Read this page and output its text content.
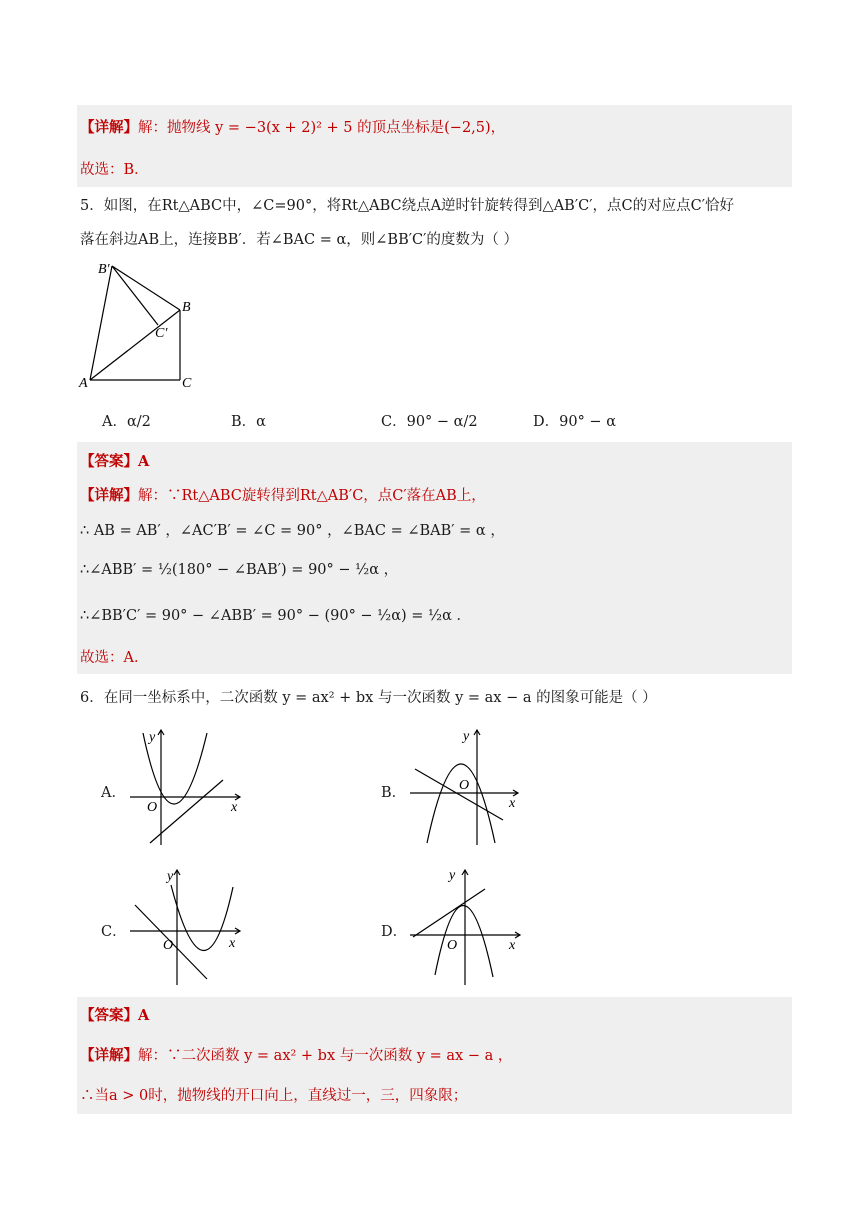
【详解】解：抛物线 y = −3(x + 2)² + 5 的顶点坐标是(−2,5)，
故选：B．
5．如图，在Rt△ABC中，∠C=90°，将Rt△ABC绕点A逆时针旋转得到△AB′C′，点C的对应点C′恰好
落在斜边AB上，连接BB′．若∠BAC = α，则∠BB′C′的度数为（ ）
B′
B
C′
A	C
A．α/2	B．α	C．90° − α/2	D．90° − α
【答案】A
【详解】解：∵Rt△ABC旋转得到Rt△AB′C，点C′落在AB上，
∴ AB = AB′ ，∠AC′B′ = ∠C = 90° ，∠BAC = ∠BAB′ = α ，
∴∠ABB′ = ½(180° − ∠BAB′) = 90° − ½α ，
∴∠BB′C′ = 90° − ∠ABB′ = 90° − (90° − ½α) = ½α ．
故选：A．
6．在同一坐标系中，二次函数 y = ax² + bx 与一次函数 y = ax − a 的图象可能是（ ）
A．
y
O	x
B．
y
O
x
C．
y
O	x
D．
y
O	x
【答案】A
【详解】解：∵二次函数 y = ax² + bx 与一次函数 y = ax − a ，
∴当a > 0时，抛物线的开口向上，直线过一，三，四象限；
